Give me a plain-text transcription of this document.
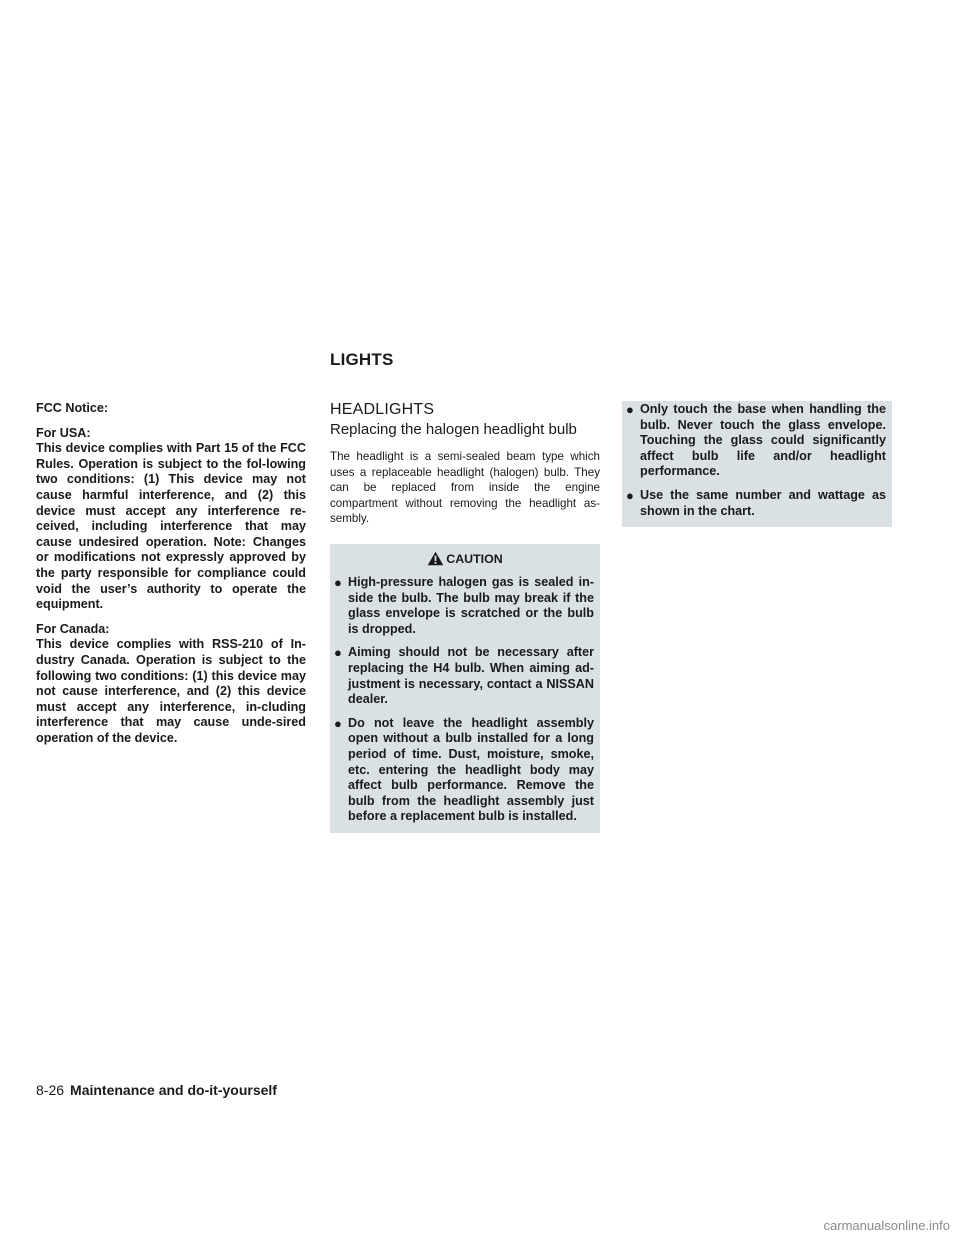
LIGHTS

FCC Notice:

For USA:

This device complies with Part 15 of the FCC Rules. Operation is subject to the fol-lowing two conditions: (1) This device may not cause harmful interference, and (2) this device must accept any interference re-ceived, including interference that may cause undesired operation. Note: Changes or modifications not expressly approved by the party responsible for compliance could void the user’s authority to operate the equipment.

For Canada:

This device complies with RSS-210 of In-dustry Canada. Operation is subject to the following two conditions: (1) this device may not cause interference, and (2) this device must accept any interference, in-cluding interference that may cause unde-sired operation of the device.

HEADLIGHTS
Replacing the halogen headlight bulb

The headlight is a semi-sealed beam type which uses a replaceable headlight (halogen) bulb. They can be replaced from inside the engine compartment without removing the headlight as-sembly.

CAUTION
● High-pressure halogen gas is sealed in-side the bulb. The bulb may break if the glass envelope is scratched or the bulb is dropped.
● Aiming should not be necessary after replacing the H4 bulb. When aiming ad-justment is necessary, contact a NISSAN dealer.
● Do not leave the headlight assembly open without a bulb installed for a long period of time. Dust, moisture, smoke, etc. entering the headlight body may affect bulb performance. Remove the bulb from the headlight assembly just before a replacement bulb is installed.
● Only touch the base when handling the bulb. Never touch the glass envelope. Touching the glass could significantly affect bulb life and/or headlight performance.
● Use the same number and wattage as shown in the chart.
8-26 Maintenance and do-it-yourself
carmanualsonline.info
